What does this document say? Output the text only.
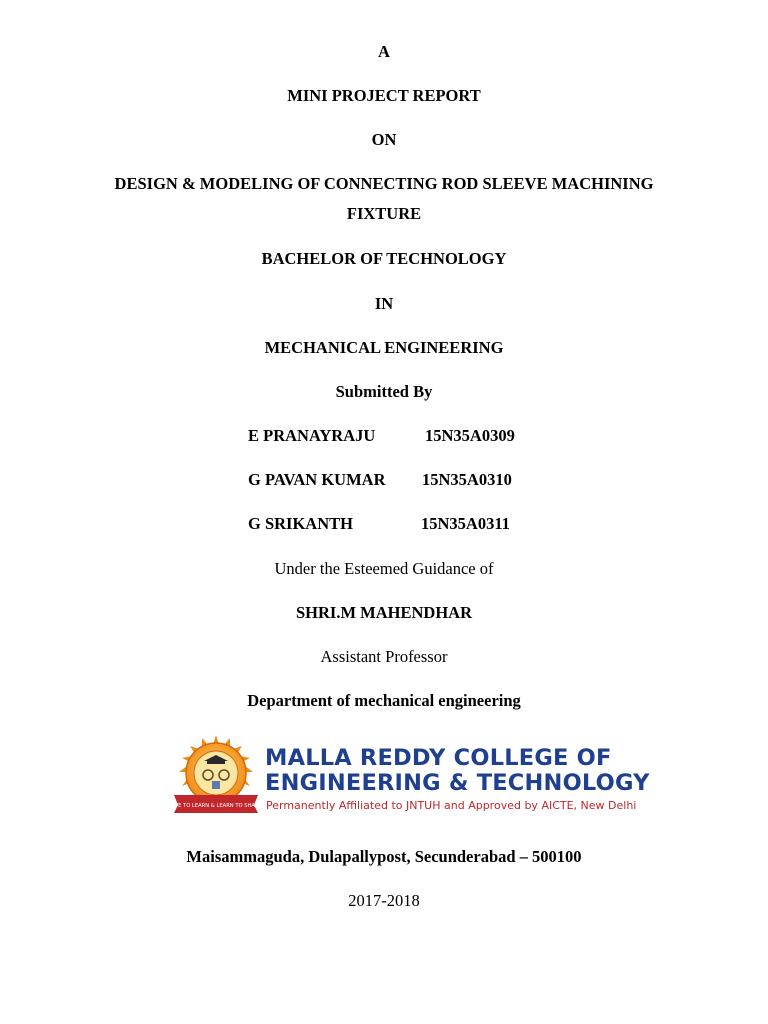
A
MINI PROJECT REPORT
ON
DESIGN & MODELING OF CONNECTING ROD SLEEVE MACHINING
FIXTURE
BACHELOR OF TECHNOLOGY
IN
MECHANICAL ENGINEERING
Submitted By
E PRANAYRAJU	15N35A0309
G PAVAN KUMAR 15N35A0310
G SRIKANTH	15N35A0311
Under the Esteemed Guidance of
SHRI.M MAHENDHAR
Assistant Professor
Department of mechanical engineering
LIVE TO LEARN & LEARN TO SHARE
MALLA REDDY COLLEGE OF
ENGINEERING & TECHNOLOGY
Permanently Affiliated to JNTUH and Approved by AICTE, New Delhi
Maisammaguda, Dulapallypost, Secunderabad – 500100
2017-2018
